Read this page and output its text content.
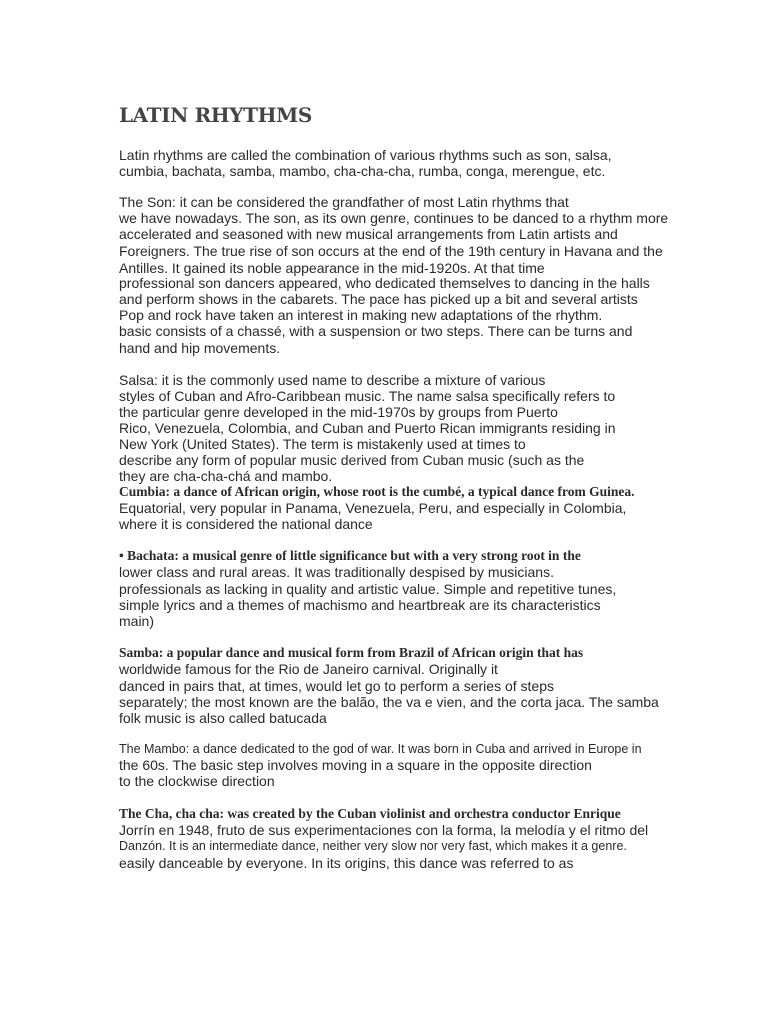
LATIN RHYTHMS
Latin rhythms are called the combination of various rhythms such as son, salsa,
cumbia, bachata, samba, mambo, cha-cha-cha, rumba, conga, merengue, etc.
The Son: it can be considered the grandfather of most Latin rhythms that
we have nowadays. The son, as its own genre, continues to be danced to a rhythm more
accelerated and seasoned with new musical arrangements from Latin artists and
Foreigners. The true rise of son occurs at the end of the 19th century in Havana and the
Antilles. It gained its noble appearance in the mid-1920s. At that time
professional son dancers appeared, who dedicated themselves to dancing in the halls
and perform shows in the cabarets. The pace has picked up a bit and several artists
Pop and rock have taken an interest in making new adaptations of the rhythm.
basic consists of a chassé, with a suspension or two steps. There can be turns and
hand and hip movements.
Salsa: it is the commonly used name to describe a mixture of various
styles of Cuban and Afro-Caribbean music. The name salsa specifically refers to
the particular genre developed in the mid-1970s by groups from Puerto
Rico, Venezuela, Colombia, and Cuban and Puerto Rican immigrants residing in
New York (United States). The term is mistakenly used at times to
describe any form of popular music derived from Cuban music (such as the
they are cha-cha-chá and mambo.
Cumbia: a dance of African origin, whose root is the cumbé, a typical dance from Guinea.
Equatorial, very popular in Panama, Venezuela, Peru, and especially in Colombia,
where it is considered the national dance
• Bachata: a musical genre of little significance but with a very strong root in the
lower class and rural areas. It was traditionally despised by musicians.
professionals as lacking in quality and artistic value. Simple and repetitive tunes,
simple lyrics and a themes of machismo and heartbreak are its characteristics
main)
Samba: a popular dance and musical form from Brazil of African origin that has
worldwide famous for the Rio de Janeiro carnival. Originally it
danced in pairs that, at times, would let go to perform a series of steps
separately; the most known are the balão, the va e vien, and the corta jaca. The samba
folk music is also called batucada
The Mambo: a dance dedicated to the god of war. It was born in Cuba and arrived in Europe in
the 60s. The basic step involves moving in a square in the opposite direction
to the clockwise direction
The Cha, cha cha: was created by the Cuban violinist and orchestra conductor Enrique
Jorrín en 1948, fruto de sus experimentaciones con la forma, la melodía y el ritmo del
Danzón. It is an intermediate dance, neither very slow nor very fast, which makes it a genre.
easily danceable by everyone. In its origins, this dance was referred to as
